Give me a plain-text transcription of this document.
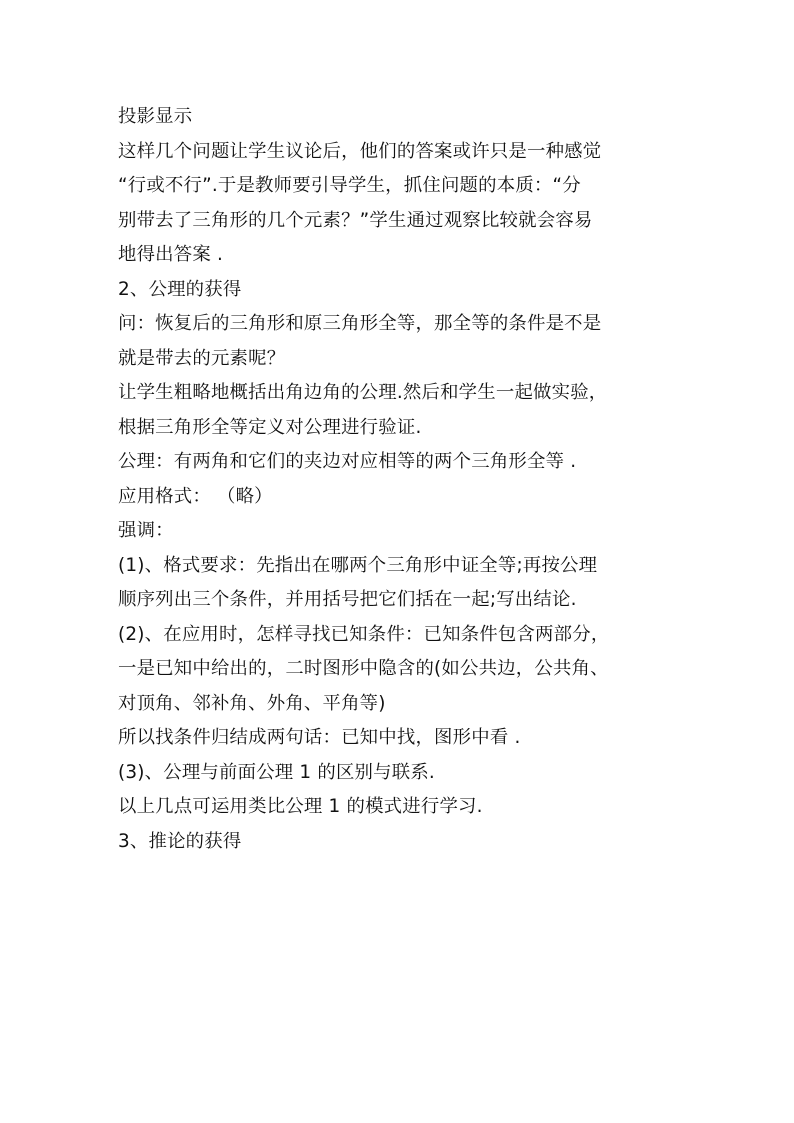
投影显示
这样几个问题让学生议论后，他们的答案或许只是一种感觉
“行或不行”.于是教师要引导学生，抓住问题的本质：“分
别带去了三角形的几个元素？”学生通过观察比较就会容易
地得出答案 .
2、公理的获得
问：恢复后的三角形和原三角形全等，那全等的条件是不是
就是带去的元素呢？
让学生粗略地概括出角边角的公理.然后和学生一起做实验，
根据三角形全等定义对公理进行验证.
公理：有两角和它们的夹边对应相等的两个三角形全等 .
应用格式： （略）
强调：
(1)、格式要求：先指出在哪两个三角形中证全等;再按公理
顺序列出三个条件，并用括号把它们括在一起;写出结论.
(2)、在应用时，怎样寻找已知条件：已知条件包含两部分，
一是已知中给出的，二时图形中隐含的(如公共边，公共角、
对顶角、邻补角、外角、平角等)
所以找条件归结成两句话：已知中找，图形中看 .
(3)、公理与前面公理 1 的区别与联系.
以上几点可运用类比公理 1 的模式进行学习.
3、推论的获得
